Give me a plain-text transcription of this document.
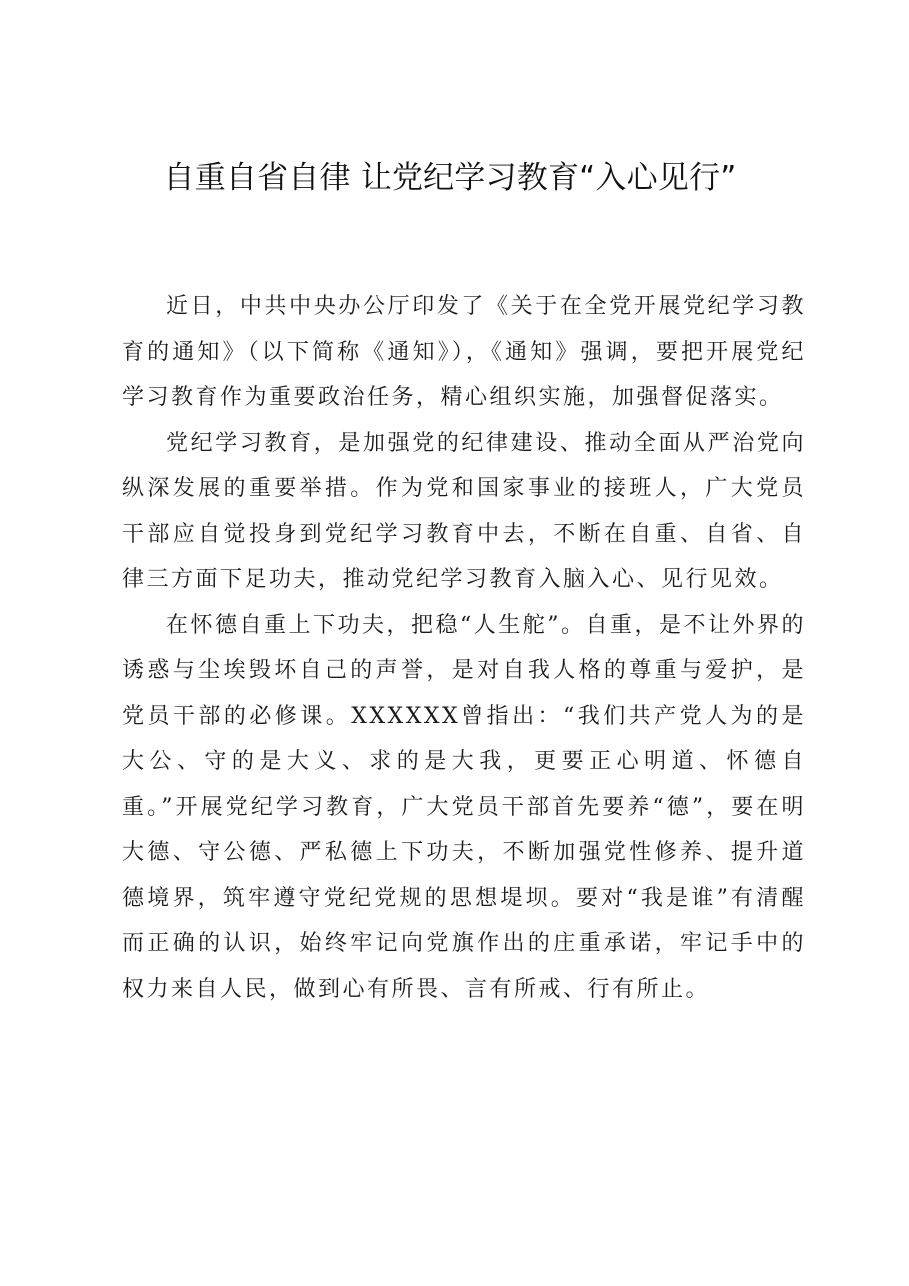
自重自省自律 让党纪学习教育“入心见行”

近日，中共中央办公厅印发了《关于在全党开展党纪学习教育的通知》（以下简称《通知》），《通知》强调，要把开展党纪学习教育作为重要政治任务，精心组织实施，加强督促落实。

党纪学习教育，是加强党的纪律建设、推动全面从严治党向纵深发展的重要举措。作为党和国家事业的接班人，广大党员干部应自觉投身到党纪学习教育中去，不断在自重、自省、自律三方面下足功夫，推动党纪学习教育入脑入心、见行见效。

在怀德自重上下功夫，把稳“人生舵”。自重，是不让外界的诱惑与尘埃毁坏自己的声誉，是对自我人格的尊重与爱护，是党员干部的必修课。XXXXXX曾指出：“我们共产党人为的是大公、守的是大义、求的是大我，更要正心明道、怀德自重。”开展党纪学习教育，广大党员干部首先要养“德”，要在明大德、守公德、严私德上下功夫，不断加强党性修养、提升道德境界，筑牢遵守党纪党规的思想堤坝。要对“我是谁”有清醒而正确的认识，始终牢记向党旗作出的庄重承诺，牢记手中的权力来自人民，做到心有所畏、言有所戒、行有所止。
